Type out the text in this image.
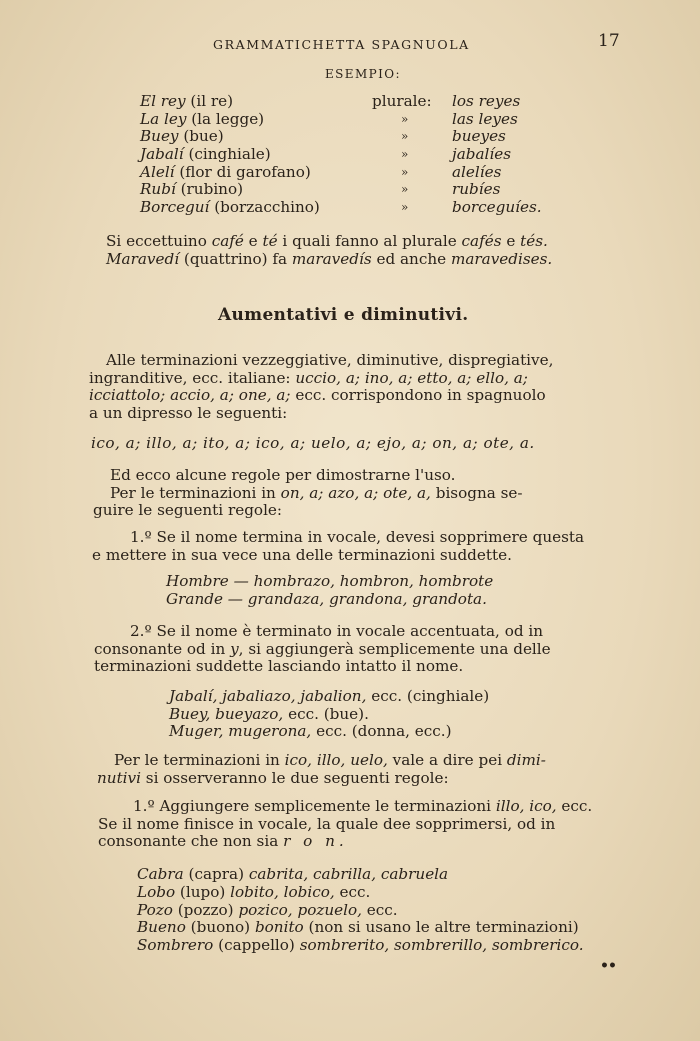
GRAMMATICHETTA SPAGNUOLA	17
ESEMPIO:
El rey (il re)	plurale: los reyes
La ley (la legge)	»	las leyes
Buey (bue)	»	bueyes
Jabalí (cinghiale)	»	jabalíes
Alelí (flor di garofano)	»	alelíes
Rubí (rubino)	»	rubíes
Borceguí (borzacchino)	»	borceguíes.
Si eccettuino café e té i quali fanno al plurale cafés e tés.
Maravedí (quattrino) fa maravedís ed anche maravedises.
Aumentativi e diminutivi.
Alle terminazioni vezzeggiative, diminutive, dispregiative,
ingranditive, ecc. italiane: uccio, a; ino, a; etto, a; ello, a;
icciattolo; accio, a; one, a; ecc. corrispondono in spagnuolo
a un dipresso le seguenti:
ico, a; illo, a; ito, a; ico, a; uelo, a; ejo, a; on, a; ote, a.
Ed ecco alcune regole per dimostrarne l'uso.
Per le terminazioni in on, a; azo, a; ote, a, bisogna se-
guire le seguenti regole:
1.º Se il nome termina in vocale, devesi sopprimere questa
e mettere in sua vece una delle terminazioni suddette.
Hombre — hombrazo, hombron, hombrote
Grande — grandaza, grandona, grandota.
2.º Se il nome è terminato in vocale accentuata, od in
consonante od in y, si aggiungerà semplicemente una delle
terminazioni suddette lasciando intatto il nome.
Jabalí, jabaliazo, jabalion, ecc. (cinghiale)
Buey, bueyazo, ecc. (bue).
Muger, mugerona, ecc. (donna, ecc.)
Per le terminazioni in ico, illo, uelo, vale a dire pei dimi-
nutivi si osserveranno le due seguenti regole:
1.º Aggiungere semplicemente le terminazioni illo, ico, ecc.
Se il nome finisce in vocale, la quale dee sopprimersi, od in
consonante che non sia r o n.
Cabra (capra) cabrita, cabrilla, cabruela
Lobo (lupo) lobito, lobico, ecc.
Pozo (pozzo) pozico, pozuelo, ecc.
Bueno (buono) bonito (non si usano le altre terminazioni)
Sombrero (cappello) sombrerito, sombrerillo, sombrerico.
••
